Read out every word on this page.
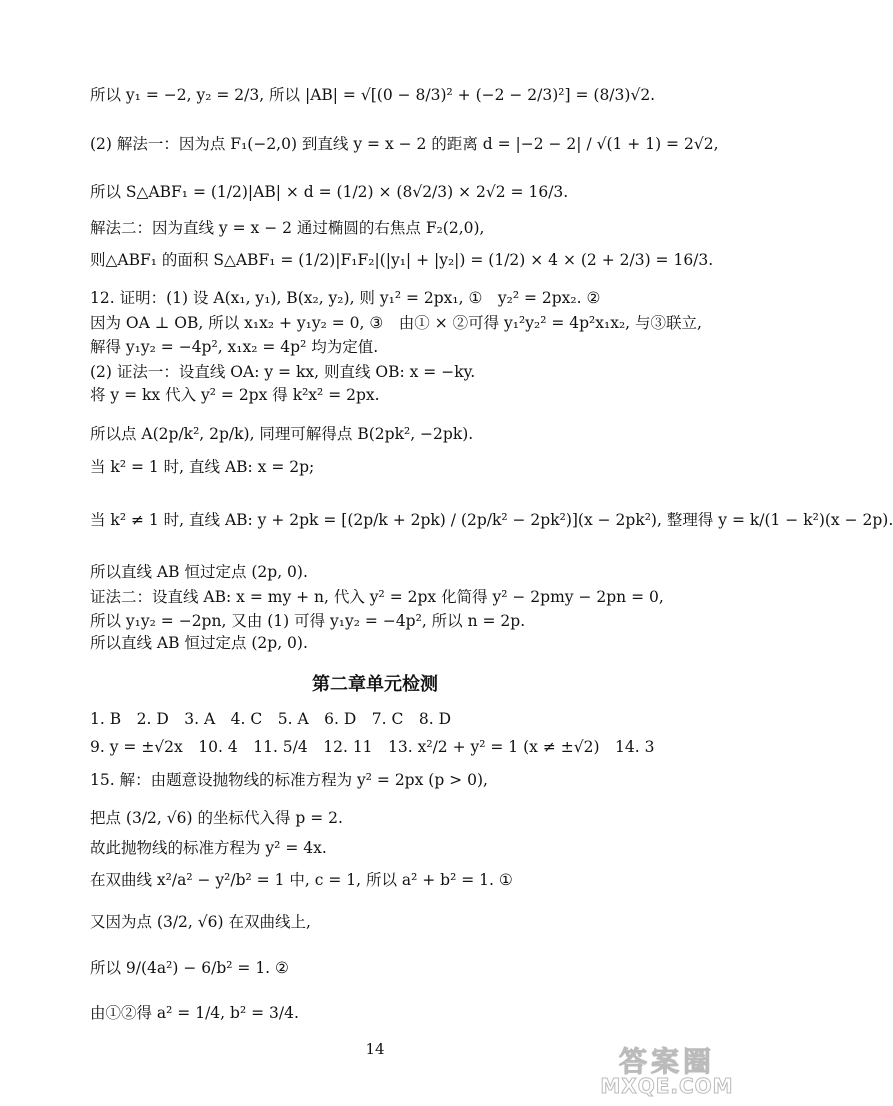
所以 y₁ = −2, y₂ = 2/3, 所以 |AB| = √[(0 − 8/3)² + (−2 − 2/3)²] = (8/3)√2.
(2) 解法一：因为点 F₁(−2,0) 到直线 y = x − 2 的距离 d = |−2 − 2| / √(1 + 1) = 2√2,
所以 S△ABF₁ = (1/2)|AB| × d = (1/2) × (8√2/3) × 2√2 = 16/3.
解法二：因为直线 y = x − 2 通过椭圆的右焦点 F₂(2,0),
则△ABF₁ 的面积 S△ABF₁ = (1/2)|F₁F₂|(|y₁| + |y₂|) = (1/2) × 4 × (2 + 2/3) = 16/3.
12. 证明：(1) 设 A(x₁, y₁), B(x₂, y₂), 则 y₁² = 2px₁, ①　y₂² = 2px₂. ②
因为 OA ⊥ OB, 所以 x₁x₂ + y₁y₂ = 0, ③　由① × ②可得 y₁²y₂² = 4p²x₁x₂, 与③联立,
解得 y₁y₂ = −4p², x₁x₂ = 4p² 均为定值.
(2) 证法一：设直线 OA: y = kx, 则直线 OB: x = −ky.
将 y = kx 代入 y² = 2px 得 k²x² = 2px.
所以点 A(2p/k², 2p/k), 同理可解得点 B(2pk², −2pk).
当 k² = 1 时, 直线 AB: x = 2p;
当 k² ≠ 1 时, 直线 AB: y + 2pk = [(2p/k + 2pk) / (2p/k² − 2pk²)](x − 2pk²), 整理得 y = k/(1 − k²)(x − 2p).
所以直线 AB 恒过定点 (2p, 0).
证法二：设直线 AB: x = my + n, 代入 y² = 2px 化简得 y² − 2pmy − 2pn = 0,
所以 y₁y₂ = −2pn, 又由 (1) 可得 y₁y₂ = −4p², 所以 n = 2p.
所以直线 AB 恒过定点 (2p, 0).
第二章单元检测
1. B　2. D　3. A　4. C　5. A　6. D　7. C　8. D
9. y = ±√2x　10. 4　11. 5/4　12. 11　13. x²/2 + y² = 1 (x ≠ ±√2)　14. 3
15. 解：由题意设抛物线的标准方程为 y² = 2px (p > 0),
把点 (3/2, √6) 的坐标代入得 p = 2.
故此抛物线的标准方程为 y² = 4x.
在双曲线 x²/a² − y²/b² = 1 中, c = 1, 所以 a² + b² = 1. ①
又因为点 (3/2, √6) 在双曲线上,
所以 9/(4a²) − 6/b² = 1. ②
由①②得 a² = 1/4, b² = 3/4.
14	答案圈
MXQE.COM
